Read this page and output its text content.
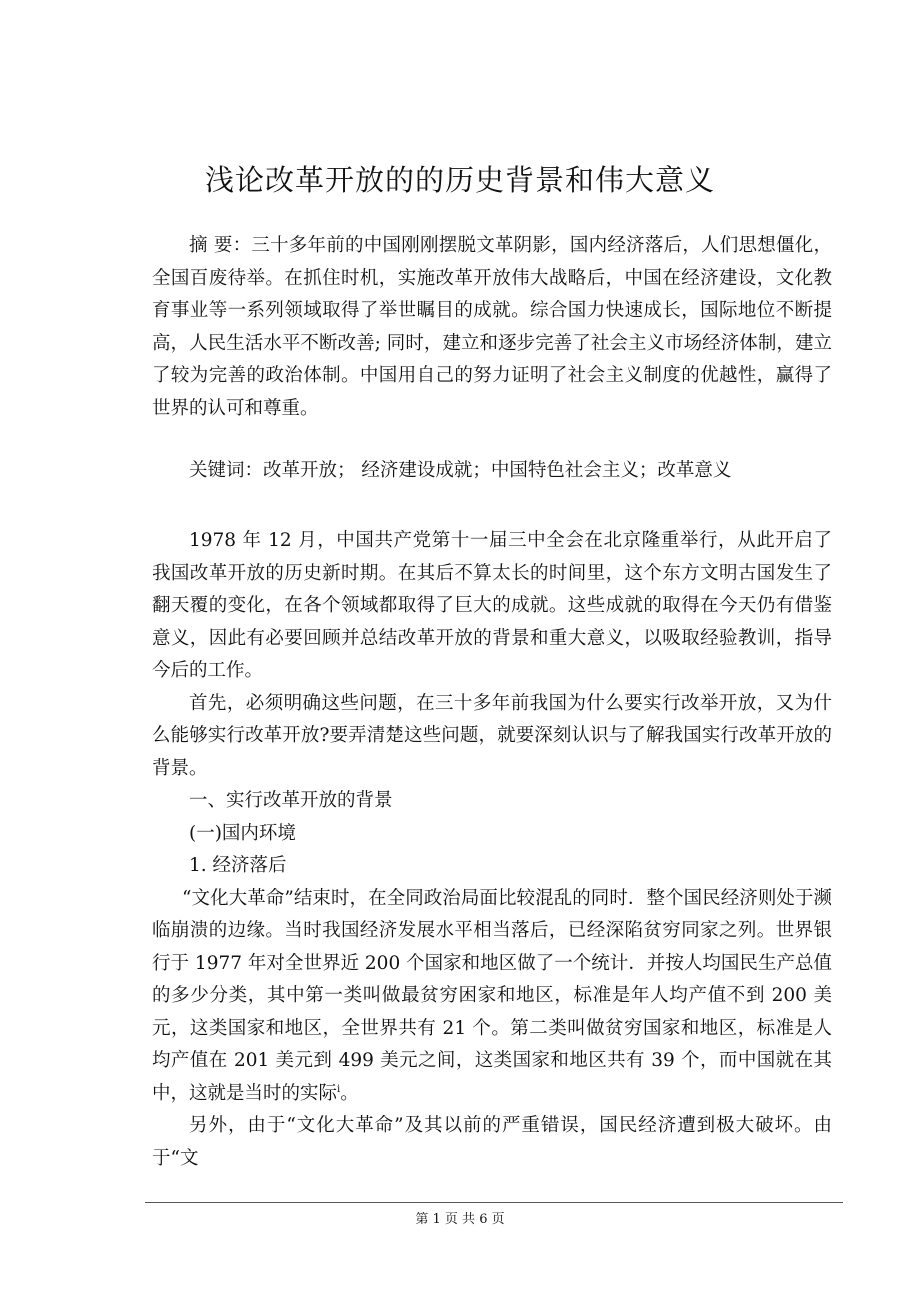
浅论改革开放的的历史背景和伟大意义

摘 要：三十多年前的中国刚刚摆脱文革阴影，国内经济落后，人们思想僵化，全国百废待举。在抓住时机，实施改革开放伟大战略后，中国在经济建设，文化教育事业等一系列领域取得了举世瞩目的成就。综合国力快速成长，国际地位不断提高，人民生活水平不断改善; 同时，建立和逐步完善了社会主义市场经济体制，建立了较为完善的政治体制。中国用自己的努力证明了社会主义制度的优越性，赢得了世界的认可和尊重。

关键词：改革开放； 经济建设成就；中国特色社会主义；改革意义

1978 年 12 月，中国共产党第十一届三中全会在北京隆重举行，从此开启了我国改革开放的历史新时期。在其后不算太长的时间里，这个东方文明古国发生了翻天覆的变化，在各个领域都取得了巨大的成就。这些成就的取得在今天仍有借鉴意义，因此有必要回顾并总结改革开放的背景和重大意义，以吸取经验教训，指导今后的工作。

首先，必须明确这些问题，在三十多年前我国为什么要实行改举开放，又为什么能够实行改革开放?要弄清楚这些问题，就要深刻认识与了解我国实行改革开放的背景。

一、实行改革开放的背景

(一)国内环境

1. 经济落后

“文化大革命”结束时，在全同政治局面比较混乱的同时．整个国民经济则处于濒临崩溃的边缘。当时我国经济发展水平相当落后，已经深陷贫穷同家之列。世界银行于 1977 年对全世界近 200 个国家和地区做了一个统计．并按人均国民生产总值的多少分类，其中第一类叫做最贫穷困家和地区，标准是年人均产值不到 200 美元，这类国家和地区，全世界共有 21 个。第二类叫做贫穷国家和地区，标准是人均产值在 201 美元到 499 美元之间，这类国家和地区共有 39 个，而中国就在其中，这就是当时的实际$^i$。

另外，由于“文化大革命”及其以前的严重错误，国民经济遭到极大破坏。由于“文

第 1 页 共 6 页
